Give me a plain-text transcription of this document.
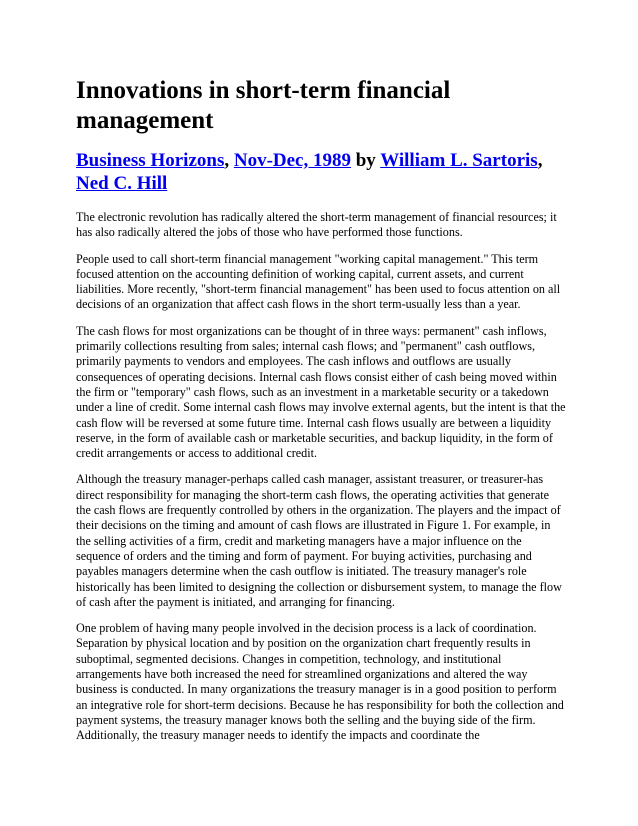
Innovations in short-term financial management
Business Horizons, Nov-Dec, 1989 by William L. Sartoris, Ned C. Hill

The electronic revolution has radically altered the short-term management of financial resources; it has also radically altered the jobs of those who have performed those functions.

People used to call short-term financial management "working capital management." This term focused attention on the accounting definition of working capital, current assets, and current liabilities. More recently, "short-term financial management" has been used to focus attention on all decisions of an organization that affect cash flows in the short term-usually less than a year.

The cash flows for most organizations can be thought of in three ways: permanent" cash inflows, primarily collections resulting from sales; internal cash flows; and "permanent" cash outflows, primarily payments to vendors and employees. The cash inflows and outflows are usually consequences of operating decisions. Internal cash flows consist either of cash being moved within the firm or "temporary" cash flows, such as an investment in a marketable security or a takedown under a line of credit. Some internal cash flows may involve external agents, but the intent is that the cash flow will be reversed at some future time. Internal cash flows usually are between a liquidity reserve, in the form of available cash or marketable securities, and backup liquidity, in the form of credit arrangements or access to additional credit.

Although the treasury manager-perhaps called cash manager, assistant treasurer, or treasurer-has direct responsibility for managing the short-term cash flows, the operating activities that generate the cash flows are frequently controlled by others in the organization. The players and the impact of their decisions on the timing and amount of cash flows are illustrated in Figure 1. For example, in the selling activities of a firm, credit and marketing managers have a major influence on the sequence of orders and the timing and form of payment. For buying activities, purchasing and payables managers determine when the cash outflow is initiated. The treasury manager's role historically has been limited to designing the collection or disbursement system, to manage the flow of cash after the payment is initiated, and arranging for financing.

One problem of having many people involved in the decision process is a lack of coordination. Separation by physical location and by position on the organization chart frequently results in suboptimal, segmented decisions. Changes in competition, technology, and institutional arrangements have both increased the need for streamlined organizations and altered the way business is conducted. In many organizations the treasury manager is in a good position to perform an integrative role for short-term decisions. Because he has responsibility for both the collection and payment systems, the treasury manager knows both the selling and the buying side of the firm. Additionally, the treasury manager needs to identify the impacts and coordinate the
